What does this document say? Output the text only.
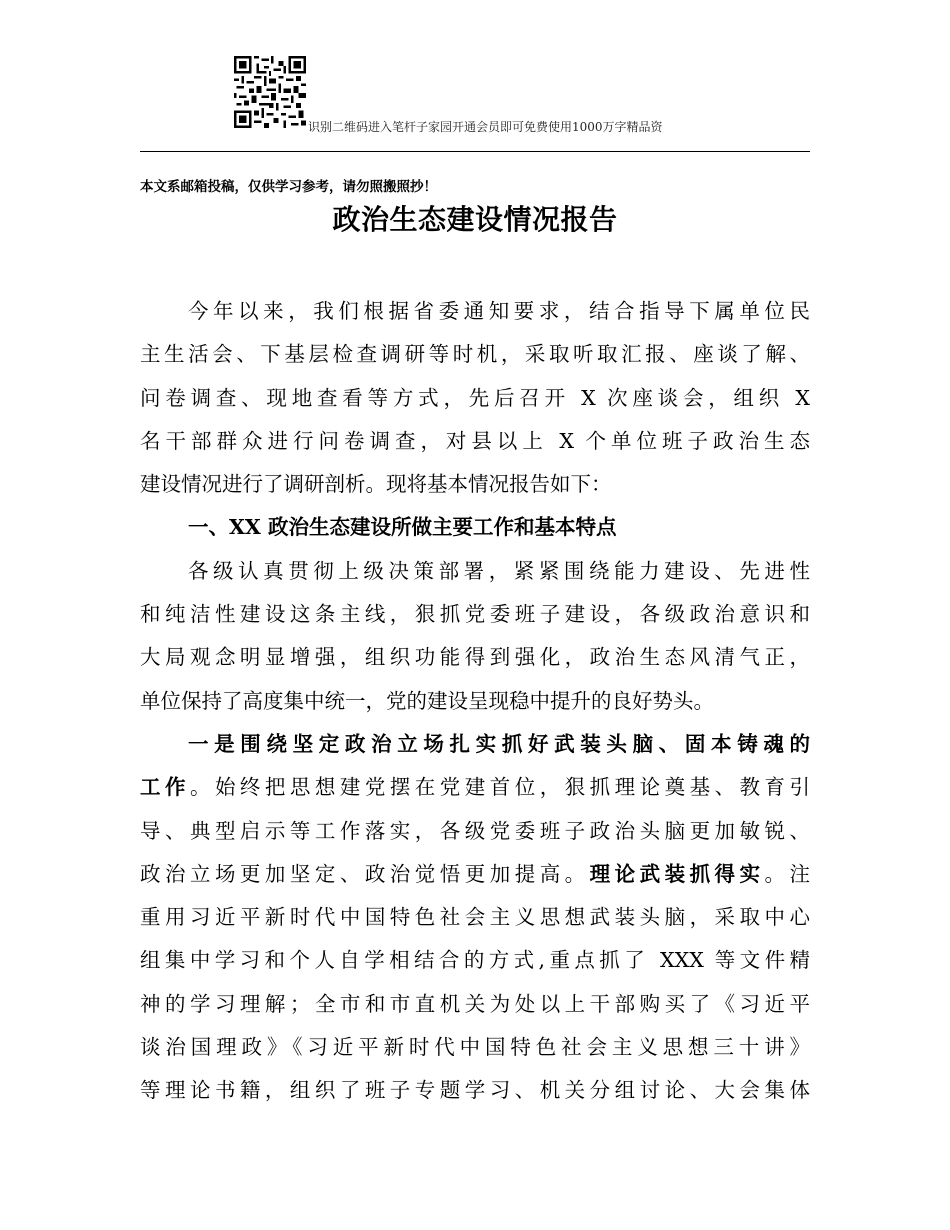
识别二维码进入笔杆子家园开通会员即可免费使用1000万字精品资
本文系邮箱投稿，仅供学习参考，请勿照搬照抄！
政治生态建设情况报告
今年以来，我们根据省委通知要求，结合指导下属单位民
主生活会、下基层检查调研等时机，采取听取汇报、座谈了解、
问卷调查、现地查看等方式，先后召开 X 次座谈会，组织 X
名干部群众进行问卷调查，对县以上 X 个单位班子政治生态
建设情况进行了调研剖析。现将基本情况报告如下：
一、XX 政治生态建设所做主要工作和基本特点
各级认真贯彻上级决策部署，紧紧围绕能力建设、先进性
和纯洁性建设这条主线，狠抓党委班子建设，各级政治意识和
大局观念明显增强，组织功能得到强化，政治生态风清气正，
单位保持了高度集中统一，党的建设呈现稳中提升的良好势头。
一是围绕坚定政治立场扎实抓好武装头脑、固本铸魂的
工作。始终把思想建党摆在党建首位，狠抓理论奠基、教育引
导、典型启示等工作落实，各级党委班子政治头脑更加敏锐、
政治立场更加坚定、政治觉悟更加提高。理论武装抓得实。注
重用习近平新时代中国特色社会主义思想武装头脑，采取中心
组集中学习和个人自学相结合的方式,重点抓了 XXX 等文件精
神的学习理解；全市和市直机关为处以上干部购买了《习近平
谈治国理政》《习近平新时代中国特色社会主义思想三十讲》
等理论书籍，组织了班子专题学习、机关分组讨论、大会集体
